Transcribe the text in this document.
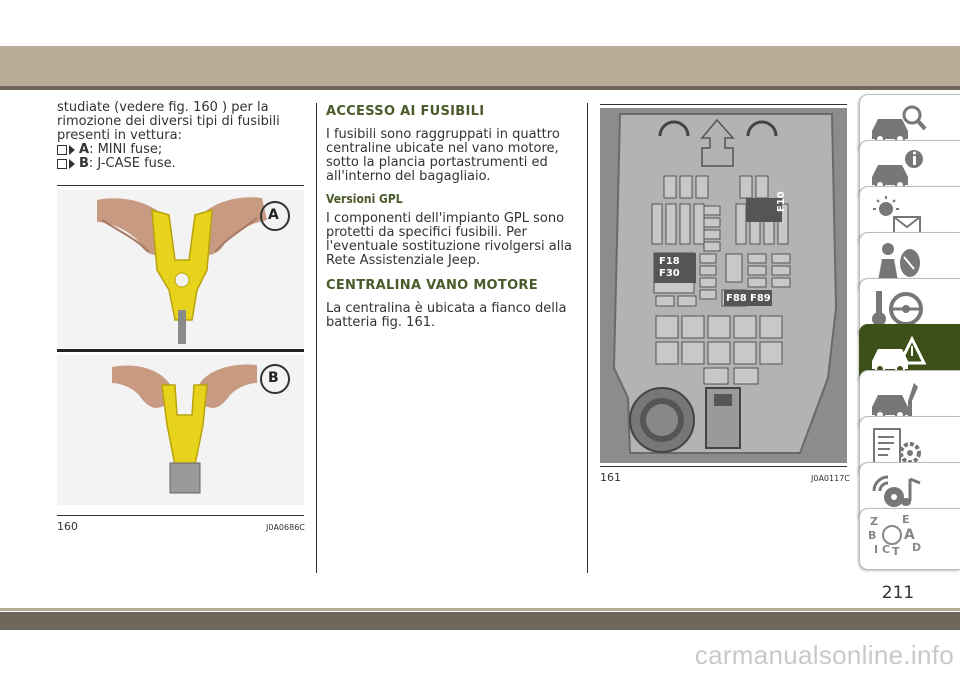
studiate (vedere fig. 160 ) per la rimozione dei diversi tipi di fusibili presenti in vettura:

A : MINI fuse;
B : J-CASE fuse.
A
B
160	J0A0686C
ACCESSO AI FUSIBILI

I fusibili sono raggruppati in quattro centraline ubicate nel vano motore, sotto la plancia portastrumenti ed all'interno del bagagliaio.

Versioni GPL

I componenti dell'impianto GPL sono protetti da specifici fusibili. Per l'eventuale sostituzione rivolgersi alla Rete Assistenziale Jeep.

CENTRALINA VANO MOTORE

La centralina è ubicata a fianco della batteria fig. 161.

F10
F18
F30
F88 F89
161	J0A0117C
Z E
B A
I C T D
211
carmanualsonline.info
